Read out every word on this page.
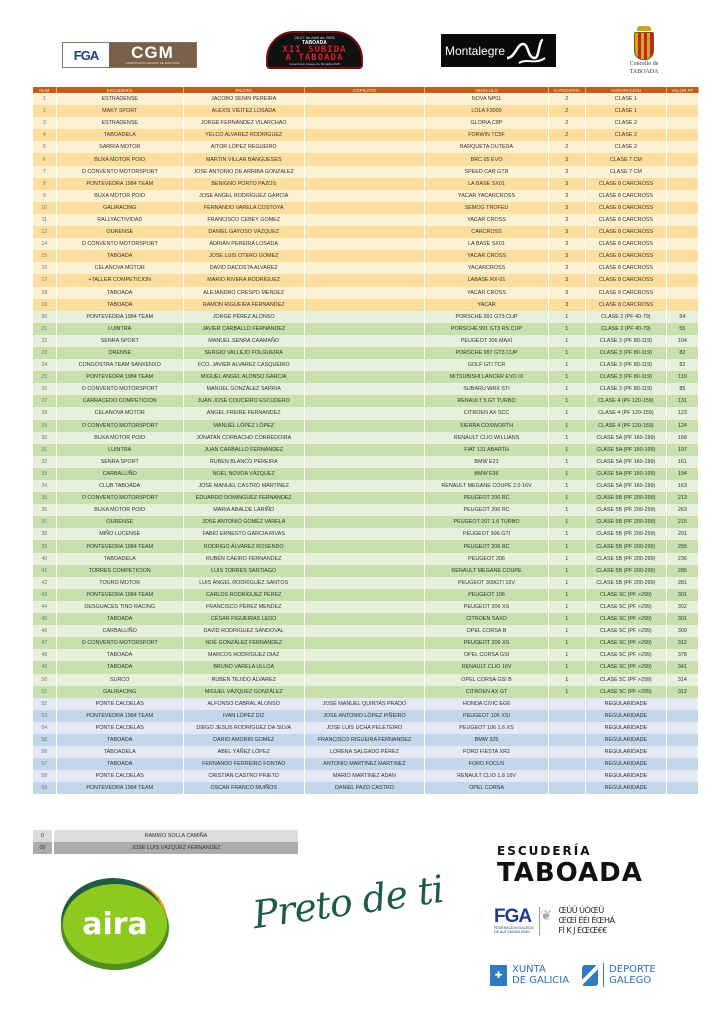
FGA	CGM
CAMPIONATO GALEGO DE MONTAÑA
26-27 de Abril de 2025
TABOADA
XII SUBIDA
A TABOADA
Campionato Galego de Montaña 2025
Montalegre
Concello de
TABOADA
NUM	ESCUDERÍA	PILOTO	COPILOTO	VEHÍCULO	CATEGORÍA	AGRUPACIÓN	VALOR PF
1	ESTRADENSE	JACOBO SENIN PEREIRA		NOVA NP01	2	CLASE 1	
2	MAKY SPORT	ALEXIS VIEITEZ LOSADA		LOLA F3000	2	CLASE 1	
3	ESTRADENSE	JORGE FERNÁNDEZ VILARCHAO		GLORIA C8P	2	CLASE 2	
4	TABOADELA	YELCO ALVAREZ RODRÍGUEZ		FORWIN TC5F	2	CLASE 2	
5	SARRIA MOTOR	AITOR LÓPEZ REGUEIRO		BARQUETA OUTEDA	2	CLASE 2	
6	BUXA MOTOR POIO	MARTIN VILLAR BANGUESES		BRC 05 EVO	3	CLASE 7 CM	
7	O CONVENTO MOTORSPORT	JOSE ANTONIO DE ARRIBA GONZALEZ		SPEED CAR GTR	3	CLASE 7 CM	
8	PONTEVEDRA 1984 TEAM	BENIGNO PORTO PAZOS		LA BASE SX01	3	CLASE 8 CARCROSS	
9	BUXA MOTOR POIO	JOSE ANGEL RODRÍGUEZ GARCIA		YACAR YACARCROSS	3	CLASE 8 CARCROSS	
10	GALIRACING	FERNANDO VARELA COSTOYA		SEMOG TROFEU	3	CLASE 8 CARCROSS	
11	RALLYACTIVIDAD	FRANCISCO CEBEY GOMEZ		YACAR CROSS	3	CLASE 8 CARCROSS	
12	OURENSE	DANIEL GAYOSO VÁZQUEZ		CARCROSS	3	CLASE 8 CARCROSS	
14	O CONVENTO MOTORSPORT	ADRIÁN PEREIRA LOSADA		LA BASE SX01	3	CLASE 8 CARCROSS	
15	TABOADA	JOSE LUIS OTERO GOMEZ		YACAR CROSS	3	CLASE 8 CARCROSS	
16	CELANOVA MOTOR	DAVID DACOSTA ALVAREZ		YACARCROSS	3	CLASE 8 CARCROSS	
17	+TALLER COMPETICION	MARIO RIVERA RODRÍGUEZ		LABASE RX-01	3	CLASE 8 CARCROSS	
18	TABOADA	ALEJANDRO CRESPO MENDEZ		YACAR CROSS	3	CLASE 8 CARCROSS	
19	TABOADA	RAMON RIGUEIRA FERNANDEZ		YACAR	3	CLASE 8 CARCROSS	
20	PONTEVEDRA 1984 TEAM	JORGE PÉREZ ALONSO		PORSCHE 991 GT3 CUP	1	CLASE 2 (PF 40-79)	54
21	LUINTRA	JAVIER CARBALLO FERNÁNDEZ		PORSCHE 991 GT3 RS CUP	1	CLASE 2 (PF 40-79)	55
22	SENRA SPORT	MANUEL SENRA CAAMAÑO		PEUGEOT 306 MAXI	1	CLASE 3 (PF 80-119)	104
23	ORENSE	SERGIO VALLEJO FOLGUEIRA		PORSCHE 997 GT3 CUP	1	CLASE 3 (PF 80-119)	82
24	CONGOSTRA TEAM SANXENXO	FCO. JAVIER ALVAREZ CASQUEIRO		GOLF GTI TCR	1	CLASE 3 (PF 80-119)	82
25	PONTEVEDRA 1984 TEAM	MIGUEL ANGEL ALONSO GARCIA		MITSUBISHI LANCER EVO IX	1	CLASE 3 (PF 80-119)	119
26	O CONVENTO MOTORSPORT	MANUEL GONZÁLEZ SARRIA		SUBARU WRX STI	1	CLASE 3 (PF 80-119)	85
27	CARRACEDO COMPETICION	JUAN JOSE COUCEIRO ESCUDERO		RENAULT 5 GT TURBO	1	CLASE 4 (PF 120-159)	131
28	CELANOVA MOTOR	ANGEL FREIRE FERNANDEZ		CITROEN AX SCC	1	CLASE 4 (PF 120-159)	123
29	O CONVENTO MOTORSPORT	MANUEL LÓPEZ LÓPEZ		SIERRA COSWORTH	1	CLASE 4 (PF 120-159)	124
30	BUXA MOTOR POIO	JONATAN CORBACHO CORREDOIRA		RENAULT CLIO WILLIANS	1	CLASE 5A (PF 160-199)	168
31	LUINTRA	JUAN CARBALLO FERNÁNDEZ		FIAT 131 ABARTH	1	CLASE 5A (PF 160-199)	197
32	SENRA SPORT	RUBEN BLANCO PEREIRA		BMW E21	1	CLASE 5A (PF 160-199)	161
33	CARBALLIÑO	NOEL NOVOA VÁZQUEZ		BMW E36	1	CLASE 5A (PF 160-199)	194
34	CLUB TABOADA	JOSÉ MANUEL CASTRO MARTÍNEZ		RENAULT MEGANE COUPE 2.0 16V	1	CLASE 5A (PF 160-199)	163
35	O CONVENTO MOTORSPORT	EDUARDO DOMINGUEZ FERNANDEZ		PEUGEOT 206 RC	1	CLASE 5B (PF 200-299)	213
36	BUXA MOTOR POIO	MARIA ABALDE LARIÑO		PEUGEOT 206 RC	1	CLASE 5B (PF 200-299)	263
37	OURENSE	JOSE ANTONIO GOMEZ VARELA		PEUGEOT 207 1.6 TURBO	1	CLASE 5B (PF 200-299)	215
38	MIÑO LUCENSE	FABIO ERNESTO GARCIA RIVAS		PEUGEOT 306 GTI	1	CLASE 5B (PF 200-299)	291
39	PONTEVEDRA 1984 TEAM	RODRIGO ÁLVAREZ ROSENDO		PEUGEOT 206 RC	1	CLASE 5B (PF 200-299)	255
40	TABOADELA	RUBÉN CAEIRO FERNÁNDEZ		PEUGEOT 206	1	CLASE 5B (PF 200-299)	236
41	TORRES COMPETICION	LUIS TORRES SANTIAGO		RENAULT MEGANE COUPE	1	CLASE 5B (PF 200-299)	285
42	TOURO MOTOR	LUIS ÁNGEL RODRÍGUEZ SANTOS		PEUGEOT 309GTI 16V	1	CLASE 5B (PF 200-299)	281
43	PONTEVEDRA 1984 TEAM	CARLOS RODRÍGUEZ PÉREZ		PEUGEOT 106	1	CLASE 5C (PF >299)	301
44	DESGUACES TINO RACING	FRANCISCO PÉREZ MENDEZ		PEUGEOT 206 XS	1	CLASE 5C (PF >299)	302
45	TABOADA	CÉSAR FIGUEIRAS LEDO		CITROEN SAXO	1	CLASE 5C (PF >299)	301
46	CARBALLIÑO	DAVID RODRÍGUEZ SANDOVAL		OPEL CORSA B	1	CLASE 5C (PF >299)	309
47	O CONVENTO MOTORSPORT	NOÉ GONZÁLEZ FERNÁNDEZ		PEUGEOT 206 XS	1	CLASE 5C (PF >299)	312
48	TABOADA	MARCOS RODRÍGUEZ DIAZ		OPEL CORSA GSI	1	CLASE 5C (PF >299)	378
49	TABOADA	BRUNO VARELA ULLOA		RENAULT CLIO 16V	1	CLASE 5C (PF >299)	341
50	SURCO	RUBEN TEJIDO ALVAREZ		OPEL CORSA GSI B	1	CLASE 5C (PF >299)	314
51	GALIRACING	MIGUEL VÁZQUEZ GONZÁLEZ		CITRÖEN AX GT	1	CLASE 5C (PF >299)	312
52	PONTE CALDELAS	ALFONSO CABRAL ALONSO	JOSÉ MANUEL QUINTAS PRADO	HONDA CIVIC EG6		REGULARIDADE	
53	PONTEVEDRA 1984 TEAM	IVAN LÓPEZ DIZ	JOSE ANTONIO LÓPEZ PIÑEIRO	PEUGEOT 106 XSI		REGULARIDADE	
54	PONTE CALDELAS	DIEGO JESUS RODRÍGUEZ DA SILVA	JOSE LUIS UCHA PELETEIRO	PEUGEOT 106 1.6 XS		REGULARIDADE	
55	TABOADA	DARIO AMORIN GOMEZ	FRANCISCO RIGUEIRA FERNANDEZ	BMW 325		REGULARIDADE	
56	TABOADELA	ABEL YÁÑEZ LÓPEZ	LORENA SALGADO PÉREZ	FORD FIESTA XR2		REGULARIDADE	
57	TABOADA	FERNANDO FERREIRO FONTAO	ANTONIO MARTINEZ MARTINEZ	FORD FOCUS		REGULARIDADE	
58	PONTE CALDELAS	CRISTIAN CASTRO PRIETO	MARIO MARTINEZ ADAN	RENAULT CLIO 1.8 16V		REGULARIDADE	
59	PONTEVEDRA 1984 TEAM	OSCAR FRANCO MUIÑOS	DANIEL PAZO CASTRO	OPEL CORSA		REGULARIDADE	
0	RAMIRO SOLLA CAMIÑA
00	JOSE LUIS VÁZQUEZ FERNANDEZ
aira	Preto de ti
ESCUDERÍA
TABOADA
FGA
FEDERACIÓN GALEGA
DE AUTOMOBILISMO
❦ ŒÚÜ ÚÓŒÜ
ŒŒÍ ÉÉI ÉŒHÁ
FÍ K J ÉŒŒ€€
✚ XUNTA
DE GALICIA
DEPORTE
GALEGO
